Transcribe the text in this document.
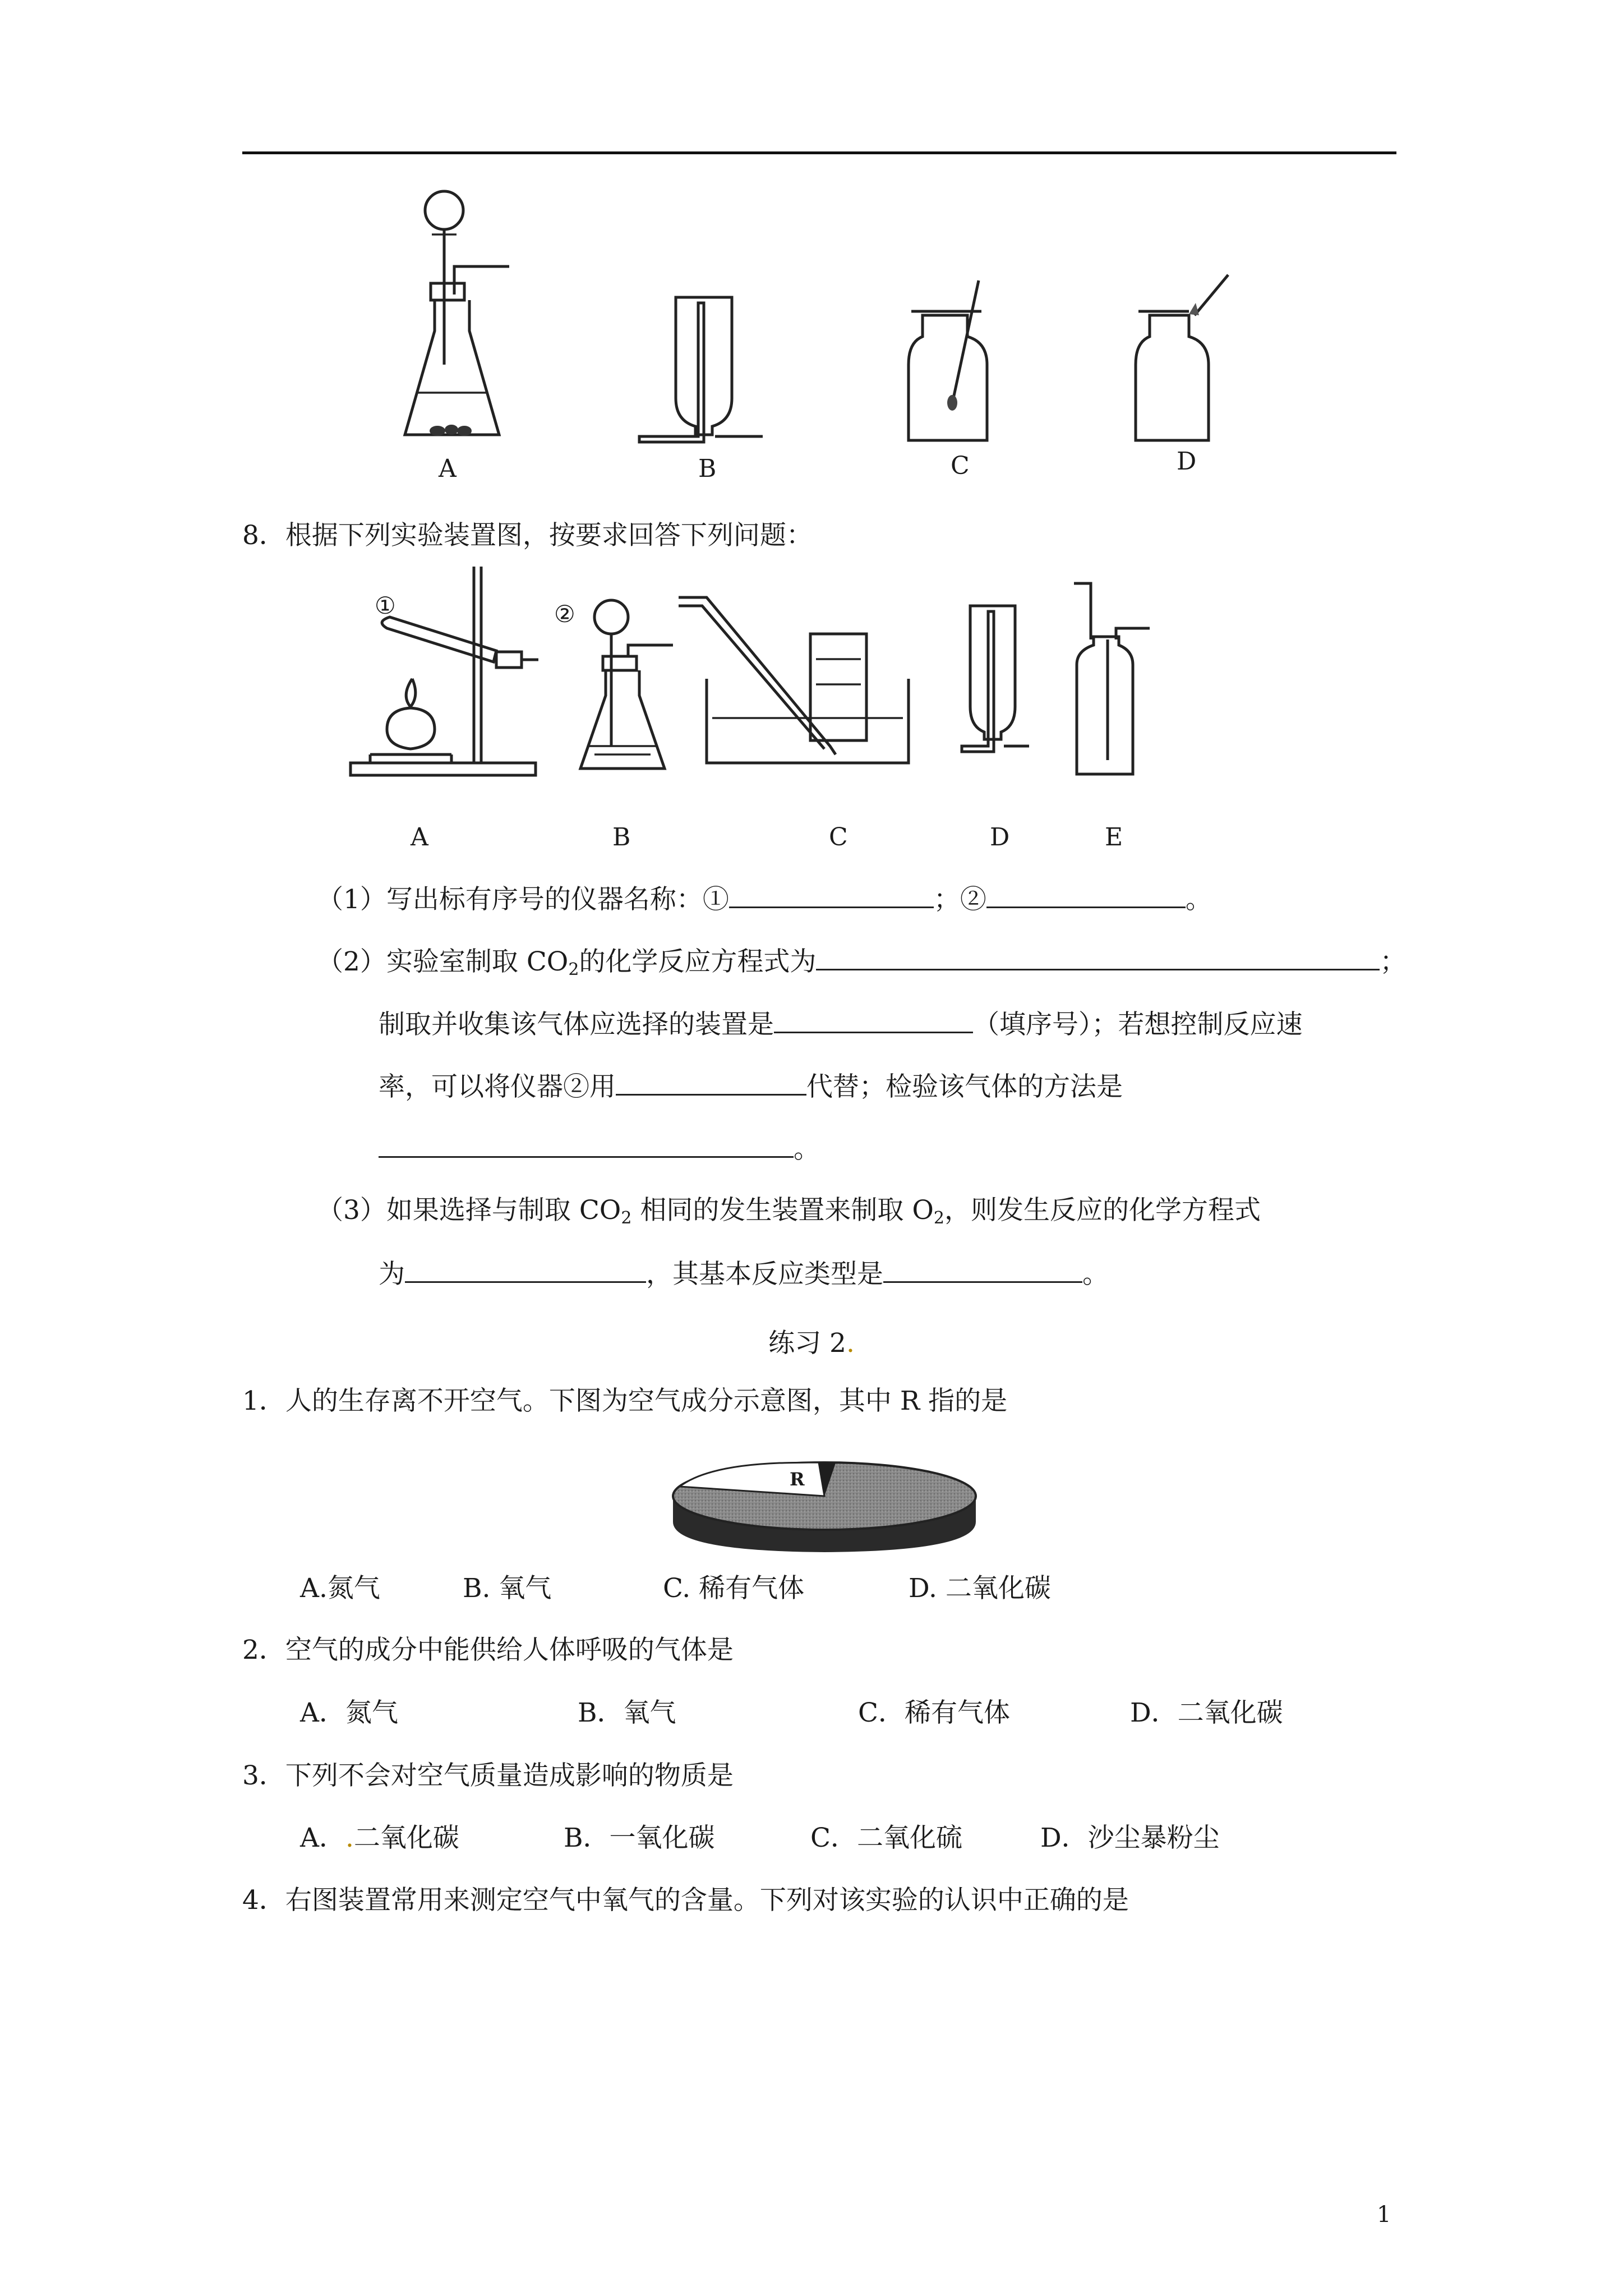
A	B	C	D
8．根据下列实验装置图，按要求回答下列问题：
①	②
A	B	C	D	E
（1）写出标有序号的仪器名称：①	；②	。
（2）实验室制取 $CO_2$的化学反应方程式为	；
制取并收集该气体应选择的装置是	（填序号）；若想控制反应速
率，可以将仪器②用	代替；检验该气体的方法是
。
（3）如果选择与制取 $CO_2$ 相同的发生装置来制取 $O_2$，则发生反应的化学方程式
为	，其基本反应类型是	。
练习 2.
1．人的生存离不开空气。下图为空气成分示意图，其中 R 指的是
R
A.氮气	B. 氧气	C. 稀有气体	D. 二氧化碳
2．空气的成分中能供给人体呼吸的气体是
A．氮气	B．氧气	C．稀有气体	D．二氧化碳
3．下列不会对空气质量造成影响的物质是
A．.二氧化碳	B．一氧化碳	C．二氧化硫	D．沙尘暴粉尘
4．右图装置常用来测定空气中氧气的含量。下列对该实验的认识中正确的是
1
